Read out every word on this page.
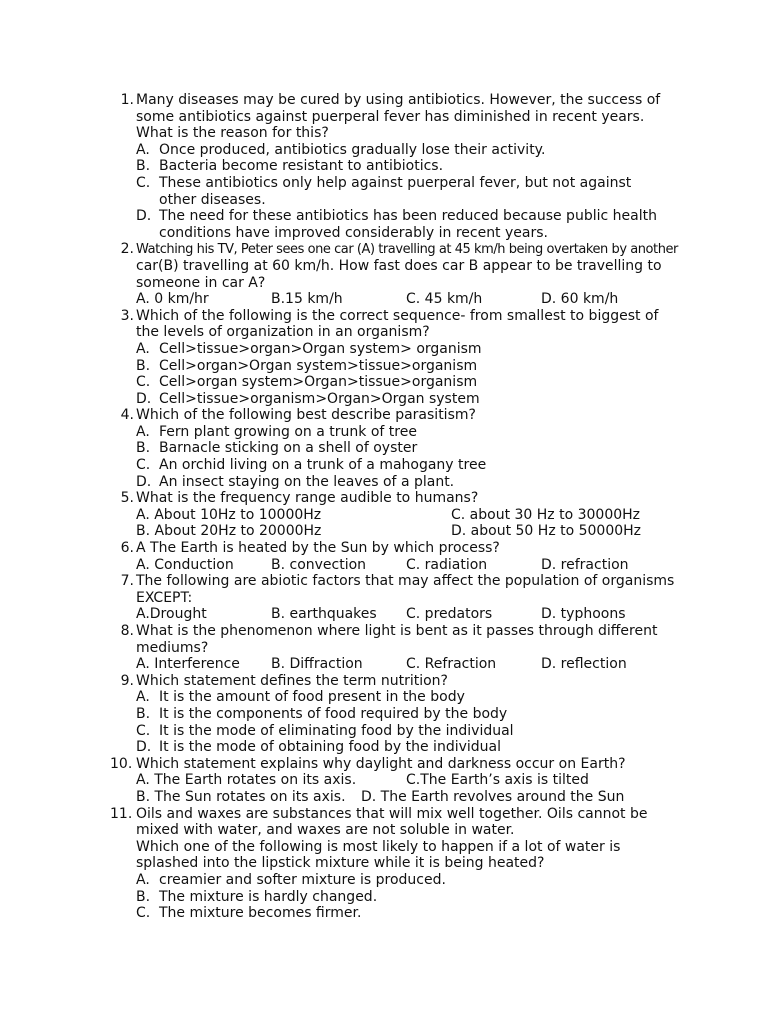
1. Many diseases may be cured by using antibiotics. However, the success of
some antibiotics against puerperal fever has diminished in recent years.
What is the reason for this?
A. Once produced, antibiotics gradually lose their activity.
B. Bacteria become resistant to antibiotics.
C. These antibiotics only help against puerperal fever, but not against
other diseases.
D. The need for these antibiotics has been reduced because public health
conditions have improved considerably in recent years.
2. Watching his TV, Peter sees one car (A) travelling at 45 km/h being overtaken by another
car(B) travelling at 60 km/h. How fast does car B appear to be travelling to
someone in car A?
A. 0 km/hr	B.15 km/h	C. 45 km/h	D. 60 km/h
3. Which of the following is the correct sequence- from smallest to biggest of
the levels of organization in an organism?
A. Cell>tissue>organ>Organ system> organism
B. Cell>organ>Organ system>tissue>organism
C. Cell>organ system>Organ>tissue>organism
D. Cell>tissue>organism>Organ>Organ system
4. Which of the following best describe parasitism?
A. Fern plant growing on a trunk of tree
B. Barnacle sticking on a shell of oyster
C. An orchid living on a trunk of a mahogany tree
D. An insect staying on the leaves of a plant.
5. What is the frequency range audible to humans?
A. About 10Hz to 10000Hz	C. about 30 Hz to 30000Hz
B. About 20Hz to 20000Hz	D. about 50 Hz to 50000Hz
6. A The Earth is heated by the Sun by which process?
A. Conduction	B. convection	C. radiation	D. refraction
7. The following are abiotic factors that may affect the population of organisms
EXCEPT:
A.Drought	B. earthquakes C. predators	D. typhoons
8. What is the phenomenon where light is bent as it passes through different
mediums?
A. Interference B. Diffraction	C. Refraction	D. reflection
9. Which statement defines the term nutrition?
A. It is the amount of food present in the body
B. It is the components of food required by the body
C. It is the mode of eliminating food by the individual
D. It is the mode of obtaining food by the individual
10. Which statement explains why daylight and darkness occur on Earth?
A. The Earth rotates on its axis.	C.The Earth’s axis is tilted
B. The Sun rotates on its axis. D. The Earth revolves around the Sun
11. Oils and waxes are substances that will mix well together. Oils cannot be
mixed with water, and waxes are not soluble in water.
Which one of the following is most likely to happen if a lot of water is
splashed into the lipstick mixture while it is being heated?
A. creamier and softer mixture is produced.
B. The mixture is hardly changed.
C. The mixture becomes firmer.
